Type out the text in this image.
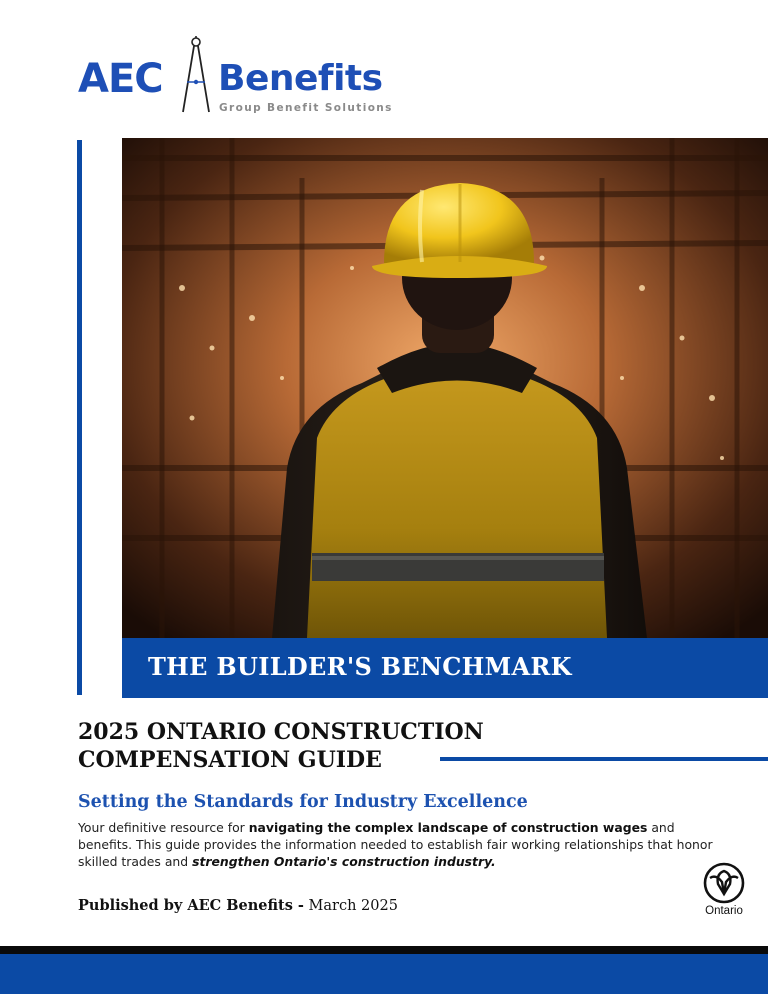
AEC Benefits
Group Benefit Solutions
THE BUILDER'S BENCHMARK
2025 ONTARIO CONSTRUCTION
COMPENSATION GUIDE
Setting the Standards for Industry Excellence
Your definitive resource for navigating the complex landscape of construction wages and benefits. This guide provides the information needed to establish fair working relationships that honor skilled trades and strengthen Ontario's construction industry.
Published by AEC Benefits - March 2025	Ontario
